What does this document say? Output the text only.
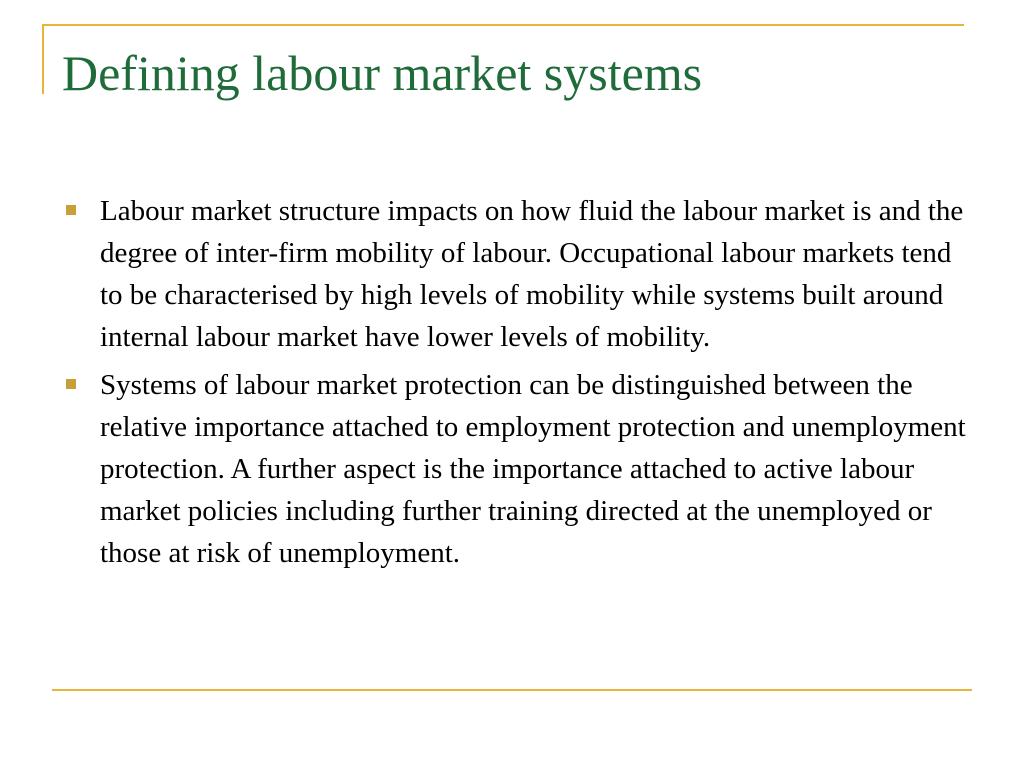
Defining labour market systems
Labour market structure impacts on how fluid the labour market is and the degree of inter-firm mobility of labour. Occupational labour markets tend to be characterised by high levels of mobility while systems built around internal labour market have lower levels of mobility.
Systems of labour market protection can be distinguished between the relative importance attached to employment protection and unemployment protection. A further aspect is the importance attached to active labour market policies including further training directed at the unemployed or those at risk of unemployment.
